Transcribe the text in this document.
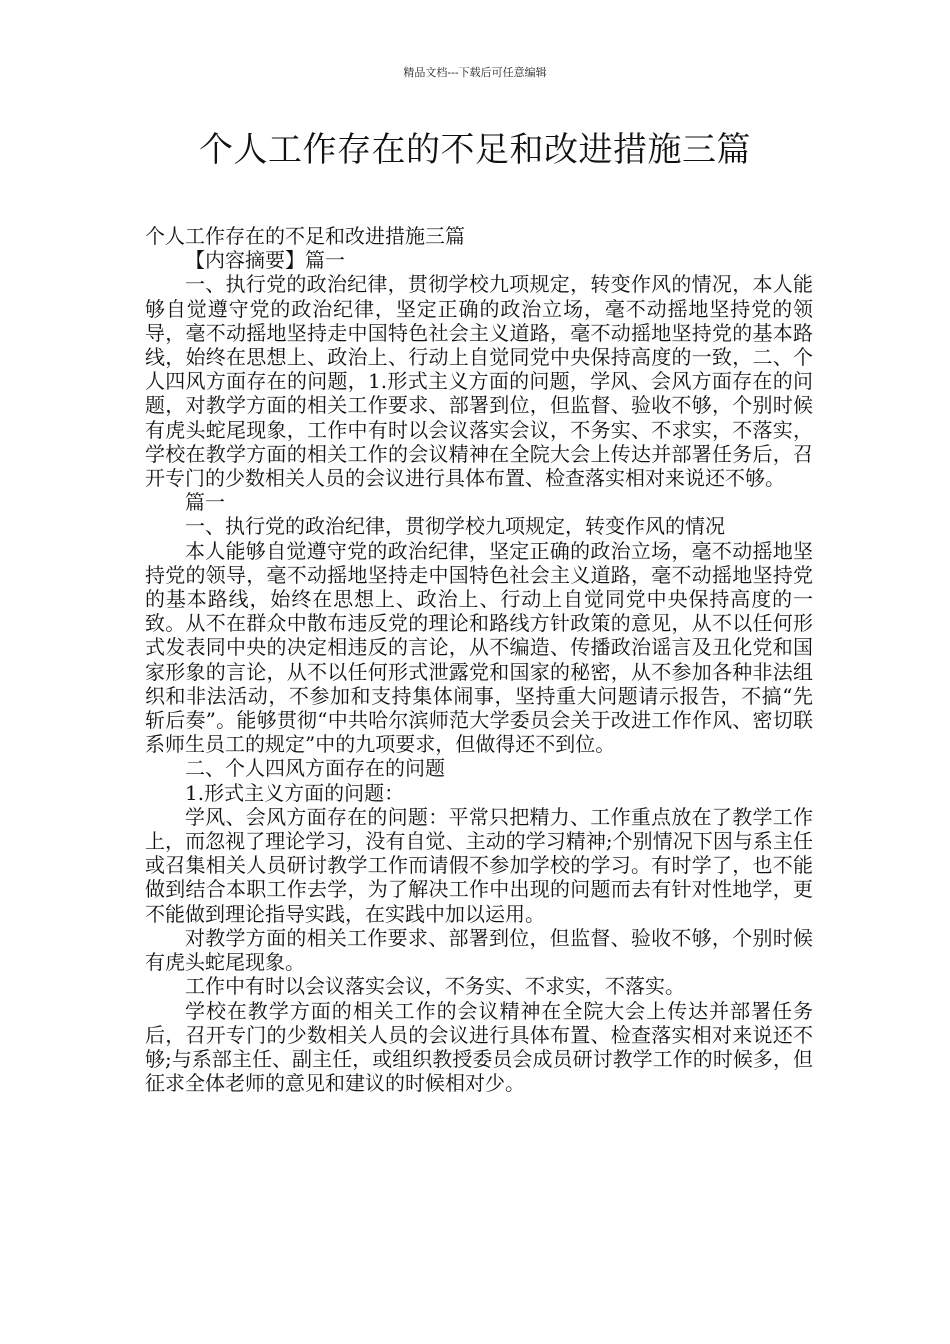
精品文档---下载后可任意编辑
个人工作存在的不足和改进措施三篇

个人工作存在的不足和改进措施三篇

【内容摘要】篇一

一、执行党的政治纪律，贯彻学校九项规定，转变作风的情况，本人能够自觉遵守党的政治纪律，坚定正确的政治立场，毫不动摇地坚持党的领导，毫不动摇地坚持走中国特色社会主义道路，毫不动摇地坚持党的基本路线，始终在思想上、政治上、行动上自觉同党中央保持高度的一致，二、个人四风方面存在的问题，1.形式主义方面的问题，学风、会风方面存在的问题，对教学方面的相关工作要求、部署到位，但监督、验收不够，个别时候有虎头蛇尾现象，工作中有时以会议落实会议，不务实、不求实，不落实，学校在教学方面的相关工作的会议精神在全院大会上传达并部署任务后，召开专门的少数相关人员的会议进行具体布置、检查落实相对来说还不够。

篇一

一、执行党的政治纪律，贯彻学校九项规定，转变作风的情况

本人能够自觉遵守党的政治纪律，坚定正确的政治立场，毫不动摇地坚持党的领导，毫不动摇地坚持走中国特色社会主义道路，毫不动摇地坚持党的基本路线，始终在思想上、政治上、行动上自觉同党中央保持高度的一致。从不在群众中散布违反党的理论和路线方针政策的意见，从不以任何形式发表同中央的决定相违反的言论，从不编造、传播政治谣言及丑化党和国家形象的言论，从不以任何形式泄露党和国家的秘密，从不参加各种非法组织和非法活动，不参加和支持集体闹事，坚持重大问题请示报告，不搞“先斩后奏”。能够贯彻“中共哈尔滨师范大学委员会关于改进工作作风、密切联系师生员工的规定”中的九项要求，但做得还不到位。

二、个人四风方面存在的问题

1.形式主义方面的问题：

学风、会风方面存在的问题：平常只把精力、工作重点放在了教学工作上，而忽视了理论学习，没有自觉、主动的学习精神;个别情况下因与系主任或召集相关人员研讨教学工作而请假不参加学校的学习。有时学了，也不能做到结合本职工作去学，为了解决工作中出现的问题而去有针对性地学，更不能做到理论指导实践，在实践中加以运用。

对教学方面的相关工作要求、部署到位，但监督、验收不够，个别时候有虎头蛇尾现象。

工作中有时以会议落实会议，不务实、不求实，不落实。

学校在教学方面的相关工作的会议精神在全院大会上传达并部署任务后，召开专门的少数相关人员的会议进行具体布置、检查落实相对来说还不够;与系部主任、副主任，或组织教授委员会成员研讨教学工作的时候多，但征求全体老师的意见和建议的时候相对少。
